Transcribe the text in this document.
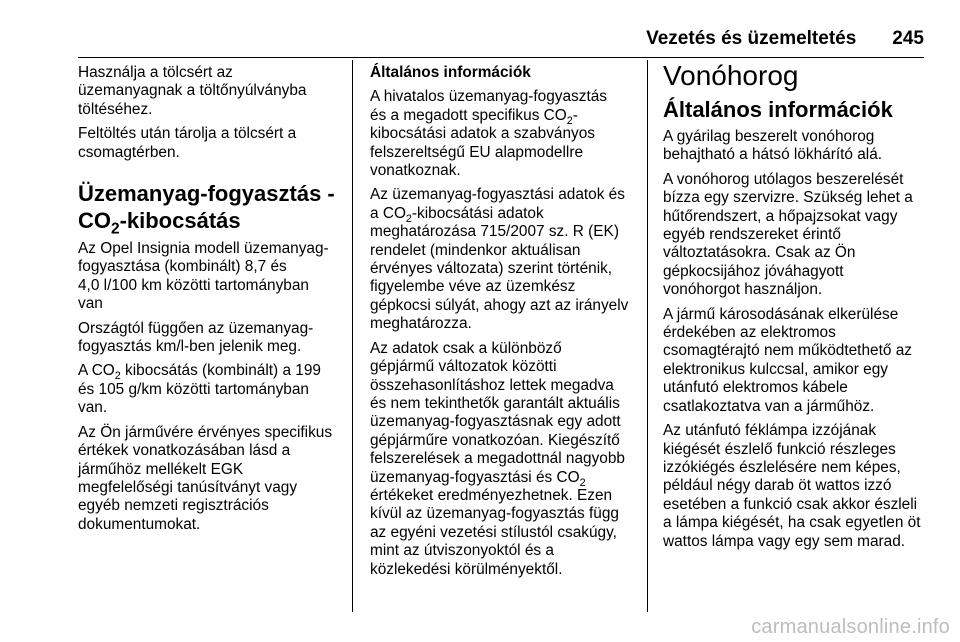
Vezetés és üzemeltetés 245

Használja a tölcsért az
üzemanyagnak a töltőnyúlványba
töltéséhez.

Feltöltés után tárolja a tölcsért a
csomagtérben.

Üzemanyag-fogyasztás -
$CO_2$-kibocsátás

Az Opel Insignia modell üzemanyag-
fogyasztása (kombinált) 8,7 és
4,0 l/100 km közötti tartományban
van

Országtól függően az üzemanyag-
fogyasztás km/l-ben jelenik meg.

A $CO_2$ kibocsátás (kombinált) a 199
és 105 g/km közötti tartományban
van.

Az Ön járművére érvényes specifikus
értékek vonatkozásában lásd a
járműhöz mellékelt EGK
megfelelőségi tanúsítványt vagy
egyéb nemzeti regisztrációs
dokumentumokat.

Általános információk

A hivatalos üzemanyag-fogyasztás
és a megadott specifikus $CO_2-$
kibocsátási adatok a szabványos
felszereltségű EU alapmodellre
vonatkoznak.

Az üzemanyag-fogyasztási adatok és
a $CO_2$-kibocsátási adatok
meghatározása 715/2007 sz. R (EK)
rendelet (mindenkor aktuálisan
érvényes változata) szerint történik,
figyelembe véve az üzemkész
gépkocsi súlyát, ahogy azt az irányelv
meghatározza.

Az adatok csak a különböző
gépjármű változatok közötti
összehasonlításhoz lettek megadva
és nem tekinthetők garantált aktuális
üzemanyag-fogyasztásnak egy adott
gépjárműre vonatkozóan. Kiegészítő
felszerelések a megadottnál nagyobb
üzemanyag-fogyasztási és $CO_2$
értékeket eredményezhetnek. Ezen
kívül az üzemanyag-fogyasztás függ
az egyéni vezetési stílustól csakúgy,
mint az útviszonyoktól és a
közlekedési körülményektől.

Vonóhorog
Általános információk

A gyárilag beszerelt vonóhorog
behajtható a hátsó lökhárító alá.

A vonóhorog utólagos beszerelését
bízza egy szervizre. Szükség lehet a
hűtőrendszert, a hőpajzsokat vagy
egyéb rendszereket érintő
változtatásokra. Csak az Ön
gépkocsijához jóváhagyott
vonóhorgot használjon.

A jármű károsodásának elkerülése
érdekében az elektromos
csomagtérajtó nem működtethető az
elektronikus kulccsal, amikor egy
utánfutó elektromos kábele
csatlakoztatva van a járműhöz.

Az utánfutó féklámpa izzójának
kiégését észlelő funkció részleges
izzókiégés észlelésére nem képes,
például négy darab öt wattos izzó
esetében a funkció csak akkor észleli
a lámpa kiégését, ha csak egyetlen öt
wattos lámpa vagy egy sem marad.

carmanualsonline.info
